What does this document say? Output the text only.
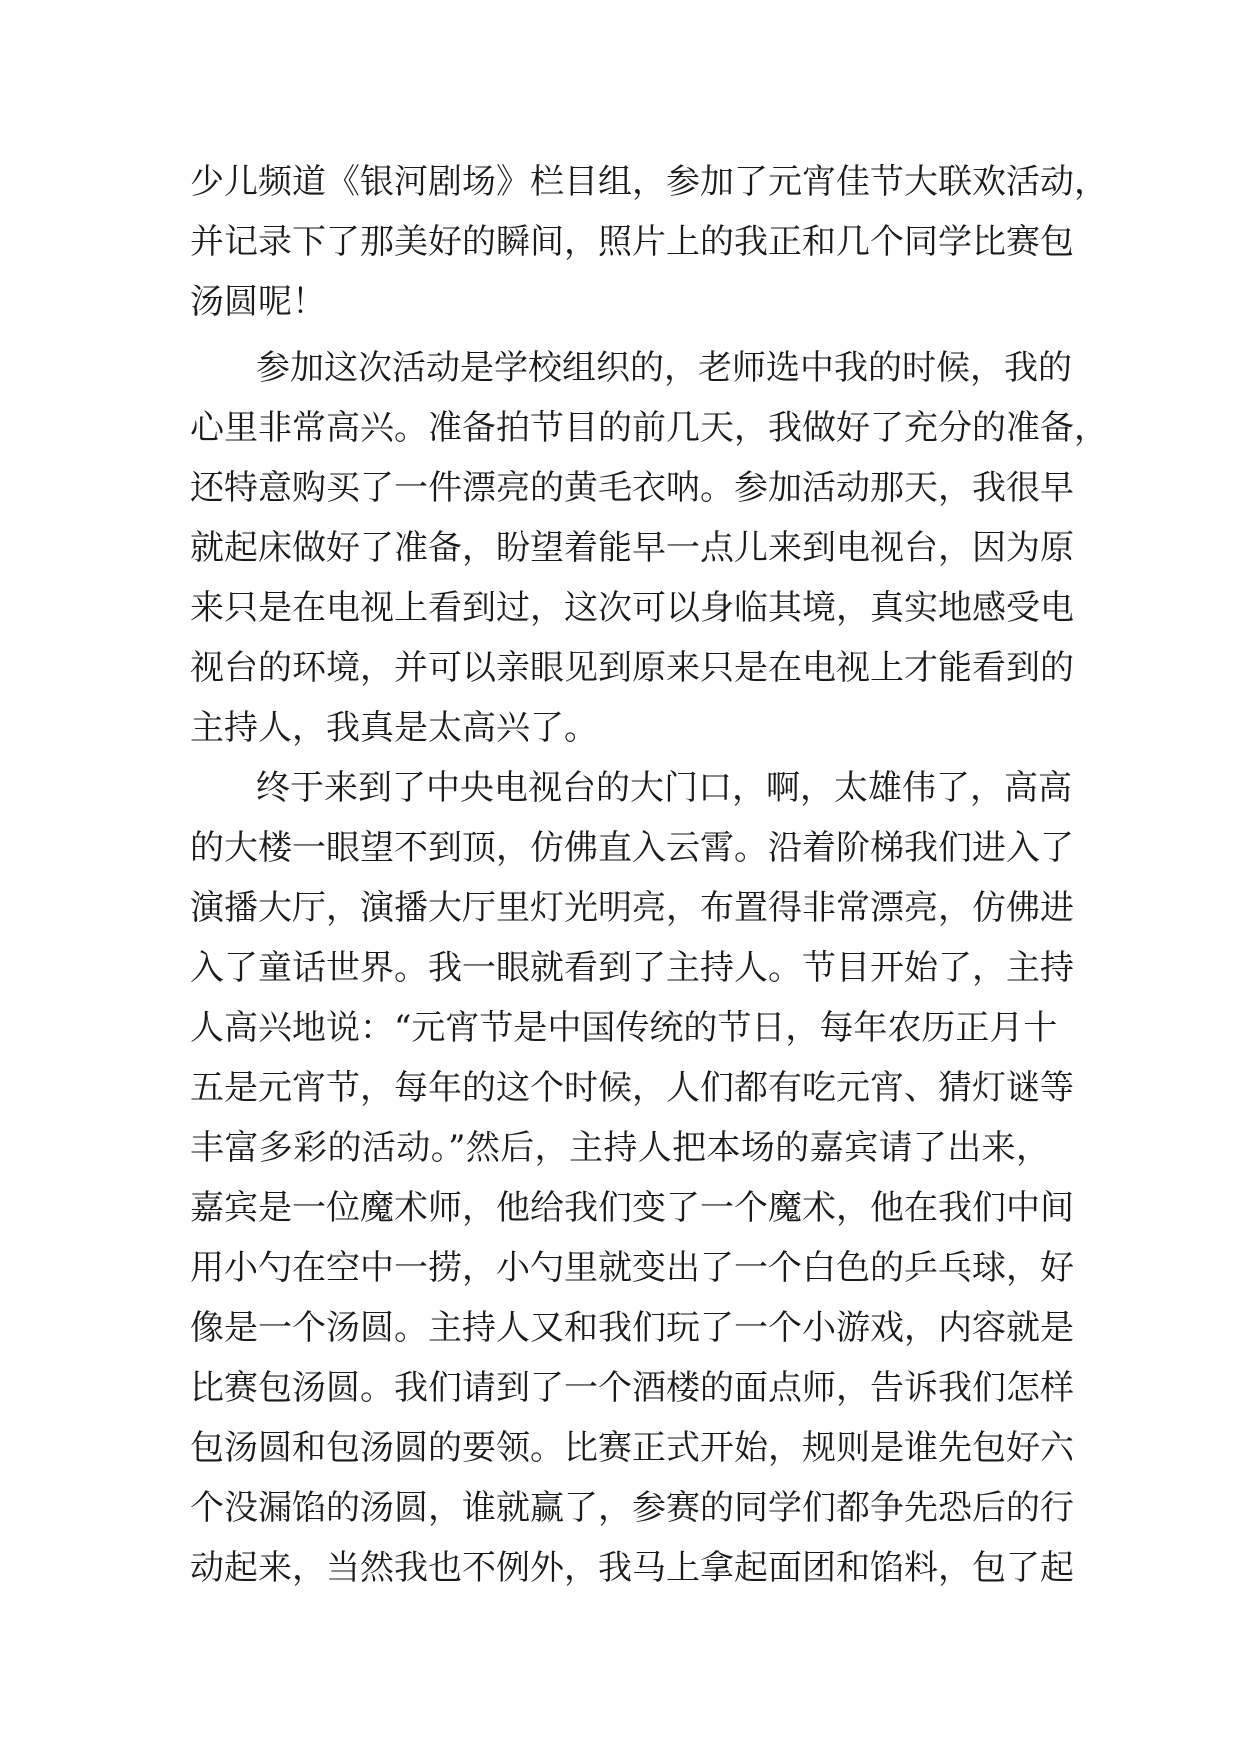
少儿频道《银河剧场》栏目组，参加了元宵佳节大联欢活动，
并记录下了那美好的瞬间，照片上的我正和几个同学比赛包
汤圆呢！
参加这次活动是学校组织的，老师选中我的时候，我的
心里非常高兴。准备拍节目的前几天，我做好了充分的准备，
还特意购买了一件漂亮的黄毛衣呐。参加活动那天，我很早
就起床做好了准备，盼望着能早一点儿来到电视台，因为原
来只是在电视上看到过，这次可以身临其境，真实地感受电
视台的环境，并可以亲眼见到原来只是在电视上才能看到的
主持人，我真是太高兴了。
终于来到了中央电视台的大门口，啊，太雄伟了，高高
的大楼一眼望不到顶，仿佛直入云霄。沿着阶梯我们进入了
演播大厅，演播大厅里灯光明亮，布置得非常漂亮，仿佛进
入了童话世界。我一眼就看到了主持人。节目开始了，主持
人高兴地说：“元宵节是中国传统的节日，每年农历正月十
五是元宵节，每年的这个时候，人们都有吃元宵、猜灯谜等
丰富多彩的活动。”然后，主持人把本场的嘉宾请了出来，
嘉宾是一位魔术师，他给我们变了一个魔术，他在我们中间
用小勺在空中一捞，小勺里就变出了一个白色的乒乓球，好
像是一个汤圆。主持人又和我们玩了一个小游戏，内容就是
比赛包汤圆。我们请到了一个酒楼的面点师，告诉我们怎样
包汤圆和包汤圆的要领。比赛正式开始，规则是谁先包好六
个没漏馅的汤圆，谁就赢了，参赛的同学们都争先恐后的行
动起来，当然我也不例外，我马上拿起面团和馅料，包了起
